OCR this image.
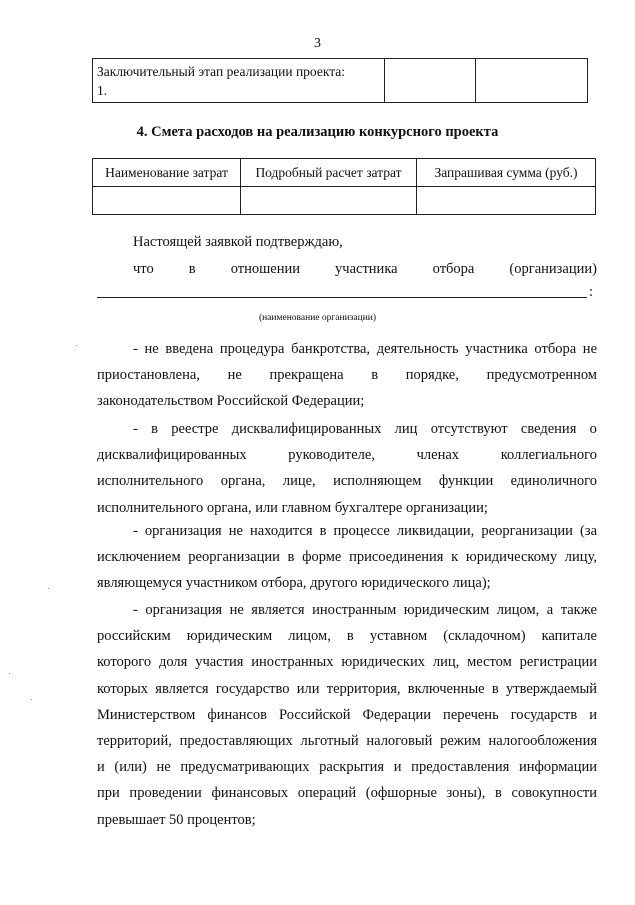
3
Заключительный этап реализации проекта:
1.

4. Смета расходов на реализацию конкурсного проекта
Наименование затрат	Подробный расчет затрат	Запрашивая сумма (руб.)

Настоящей заявкой подтверждаю,
что в отношении участника отбора (организации)
:
(наименование организации)
- не введена процедура банкротства, деятельность участника отбора не
приостановлена, не прекращена в порядке, предусмотренном
законодательством Российской Федерации;
- в реестре дисквалифицированных лиц отсутствуют сведения о
дисквалифицированных	руководителе,	членах	коллегиального
исполнительного органа, лице, исполняющем функции единоличного
исполнительного органа, или главном бухгалтере организации;
- организация не находится в процессе ликвидации, реорганизации (за
исключением реорганизации в форме присоединения к юридическому лицу,
являющемуся участником отбора, другого юридического лица);
- организация не является иностранным юридическим лицом, а также
российским юридическим лицом, в уставном (складочном) капитале
которого доля участия иностранных юридических лиц, местом регистрации
которых является государство или территория, включенные в утверждаемый
Министерством финансов Российской Федерации перечень государств и
территорий, предоставляющих льготный налоговый режим налогообложения
и (или) не предусматривающих раскрытия и предоставления информации
при проведении финансовых операций (офшорные зоны), в совокупности
превышает 50 процентов;
